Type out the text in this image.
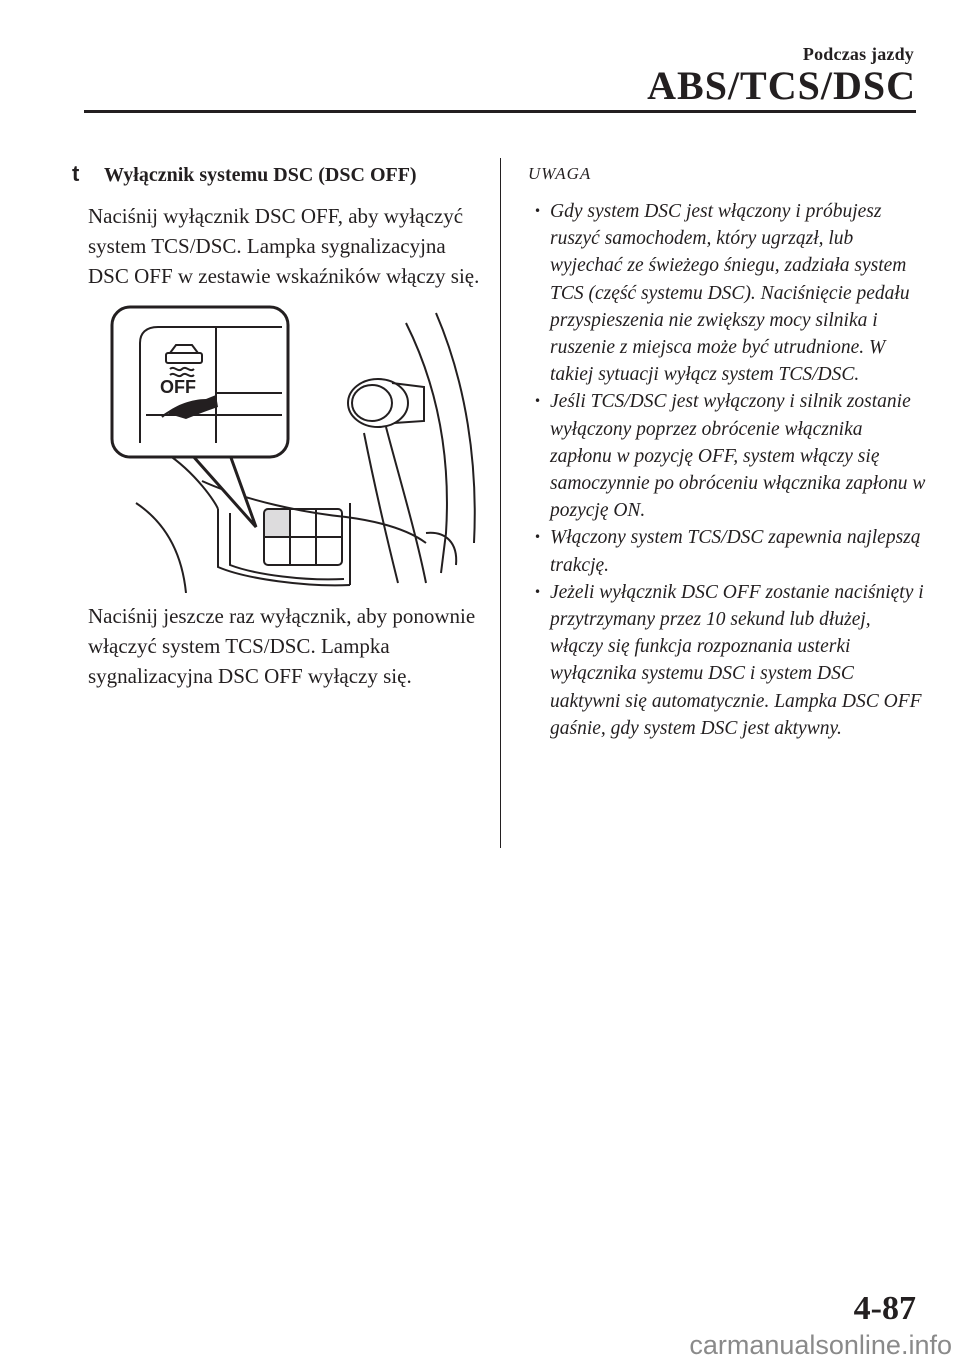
Podczas jazdy
ABS/TCS/DSC
t	Wyłącznik systemu DSC (DSC OFF)

Naciśnij wyłącznik DSC OFF, aby wyłączyć system TCS/DSC. Lampka sygnalizacyjna DSC OFF w zestawie wskaźników włączy się.

OFF

Naciśnij jeszcze raz wyłącznik, aby ponownie włączyć system TCS/DSC. Lampka sygnalizacyjna DSC OFF wyłączy się.

UWAGA
• Gdy system DSC jest włączony i próbujesz ruszyć samochodem, który ugrzązł, lub wyjechać ze świeżego śniegu, zadziała system TCS (część systemu DSC). Naciśnięcie pedału przyspieszenia nie zwiększy mocy silnika i ruszenie z miejsca może być utrudnione. W takiej sytuacji wyłącz system TCS/DSC.
• Jeśli TCS/DSC jest wyłączony i silnik zostanie wyłączony poprzez obrócenie włącznika zapłonu w pozycję OFF, system włączy się samoczynnie po obróceniu włącznika zapłonu w pozycję ON.
• Włączony system TCS/DSC zapewnia najlepszą trakcję.
• Jeżeli wyłącznik DSC OFF zostanie naciśnięty i przytrzymany przez 10 sekund lub dłużej, włączy się funkcja rozpoznania usterki wyłącznika systemu DSC i system DSC uaktywni się automatycznie. Lampka DSC OFF gaśnie, gdy system DSC jest aktywny.
4-87
carmanualsonline.info
